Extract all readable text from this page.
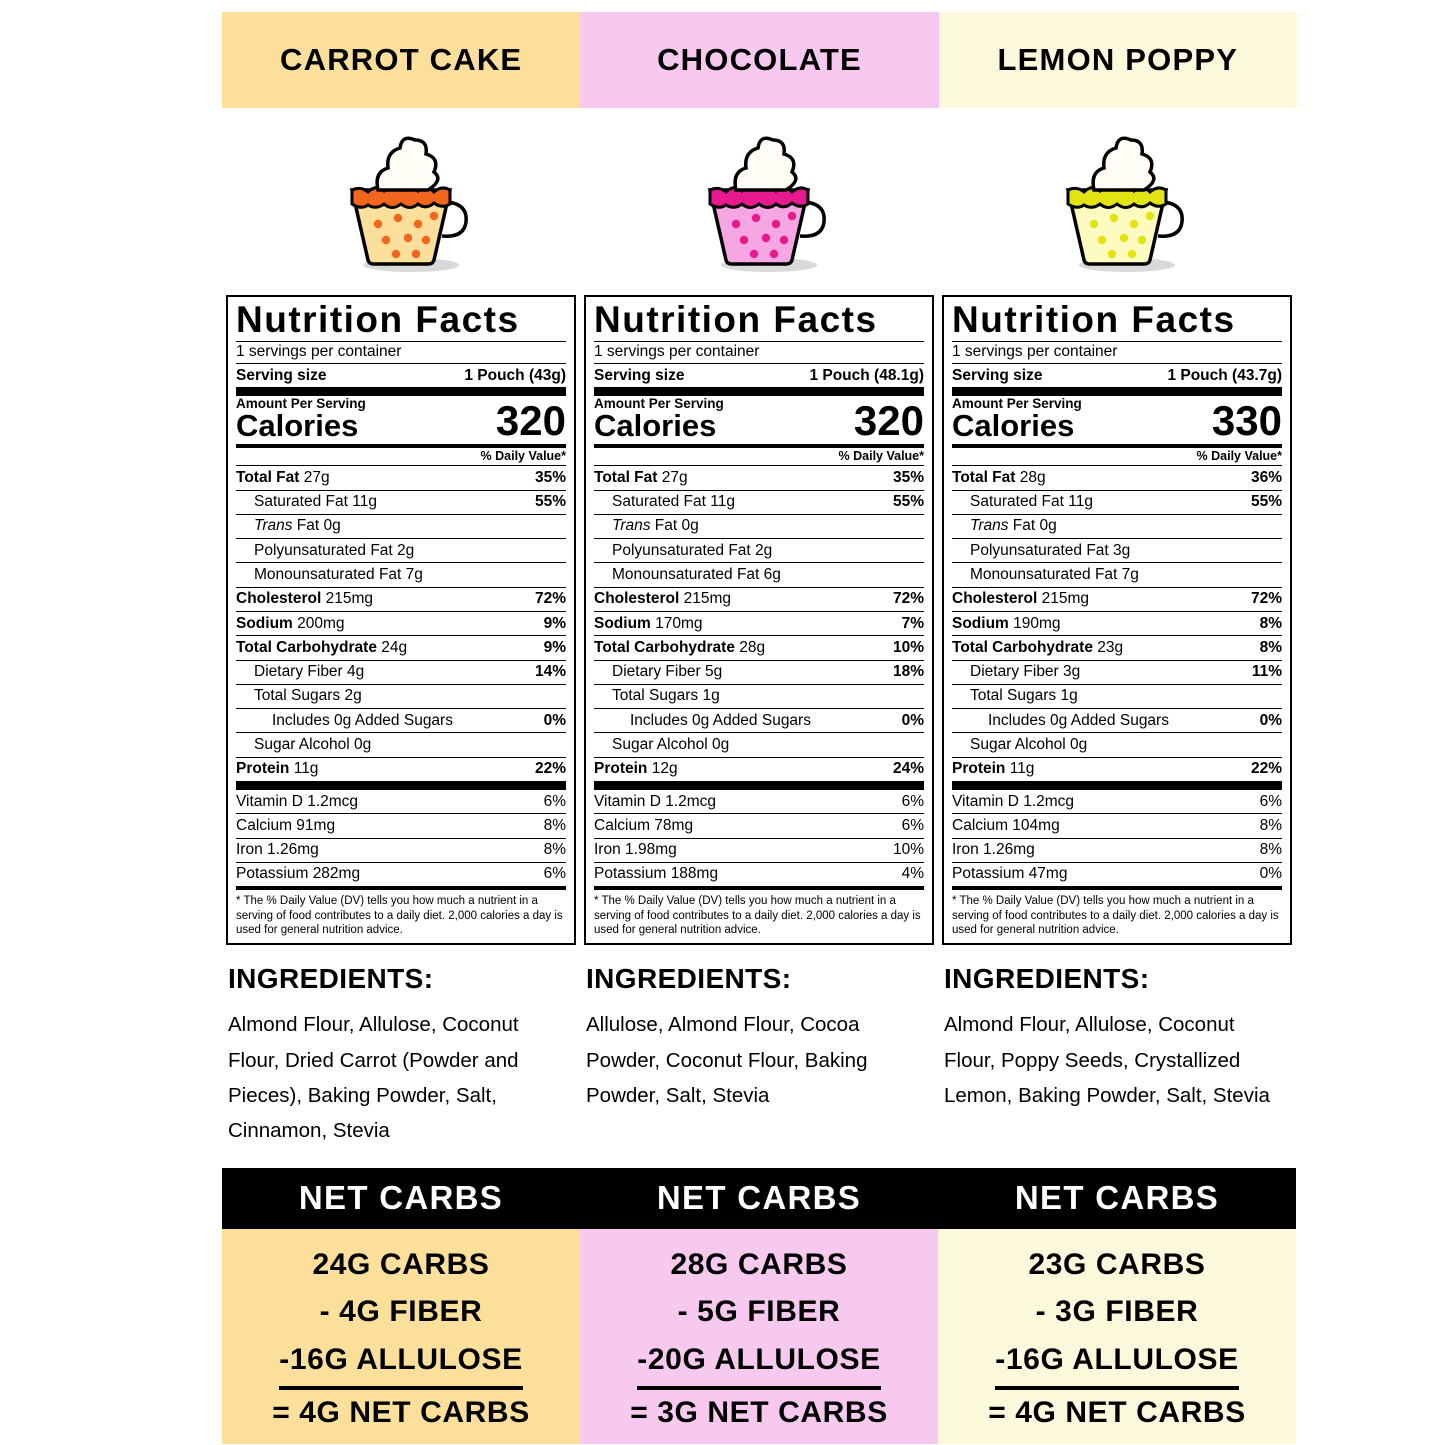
CARROT CAKE	CHOCOLATE	LEMON POPPY
Nutrition Facts
1 servings per container
Serving size	1 Pouch (43g)
Amount Per Serving
Calories	320
% Daily Value*
Total Fat 27g	35%
Saturated Fat 11g	55%
Trans Fat 0g
Polyunsaturated Fat 2g
Monounsaturated Fat 7g
Cholesterol 215mg	72%
Sodium 200mg	9%
Total Carbohydrate 24g	9%
Dietary Fiber 4g	14%
Total Sugars 2g
Includes 0g Added Sugars	0%
Sugar Alcohol 0g
Protein 11g	22%
Vitamin D 1.2mcg	6%
Calcium 91mg	8%
Iron 1.26mg	8%
Potassium 282mg	6%
* The % Daily Value (DV) tells you how much a nutrient in a serving of food contributes to a daily diet. 2,000 calories a day is used for general nutrition advice.
INGREDIENTS:
Almond Flour, Allulose, Coconut Flour, Dried Carrot (Powder and Pieces), Baking Powder, Salt, Cinnamon, Stevia
Nutrition Facts
1 servings per container
Serving size	1 Pouch (48.1g)
Amount Per Serving
Calories	320
% Daily Value*
Total Fat 27g	35%
Saturated Fat 11g	55%
Trans Fat 0g
Polyunsaturated Fat 2g
Monounsaturated Fat 6g
Cholesterol 215mg	72%
Sodium 170mg	7%
Total Carbohydrate 28g	10%
Dietary Fiber 5g	18%
Total Sugars 1g
Includes 0g Added Sugars	0%
Sugar Alcohol 0g
Protein 12g	24%
Vitamin D 1.2mcg	6%
Calcium 78mg	6%
Iron 1.98mg	10%
Potassium 188mg	4%
* The % Daily Value (DV) tells you how much a nutrient in a serving of food contributes to a daily diet. 2,000 calories a day is used for general nutrition advice.
INGREDIENTS:
Allulose, Almond Flour, Cocoa Powder, Coconut Flour, Baking Powder, Salt, Stevia
Nutrition Facts
1 servings per container
Serving size	1 Pouch (43.7g)
Amount Per Serving
Calories	330
% Daily Value*
Total Fat 28g	36%
Saturated Fat 11g	55%
Trans Fat 0g
Polyunsaturated Fat 3g
Monounsaturated Fat 7g
Cholesterol 215mg	72%
Sodium 190mg	8%
Total Carbohydrate 23g	8%
Dietary Fiber 3g	11%
Total Sugars 1g
Includes 0g Added Sugars	0%
Sugar Alcohol 0g
Protein 11g	22%
Vitamin D 1.2mcg	6%
Calcium 104mg	8%
Iron 1.26mg	8%
Potassium 47mg	0%
* The % Daily Value (DV) tells you how much a nutrient in a serving of food contributes to a daily diet. 2,000 calories a day is used for general nutrition advice.
INGREDIENTS:
Almond Flour, Allulose, Coconut Flour, Poppy Seeds, Crystallized Lemon, Baking Powder, Salt, Stevia
NET CARBS
24G CARBS
- 4G FIBER
-16G ALLULOSE
= 4G NET CARBS
NET CARBS
28G CARBS
- 5G FIBER
-20G ALLULOSE
= 3G NET CARBS
NET CARBS
23G CARBS
- 3G FIBER
-16G ALLULOSE
= 4G NET CARBS
